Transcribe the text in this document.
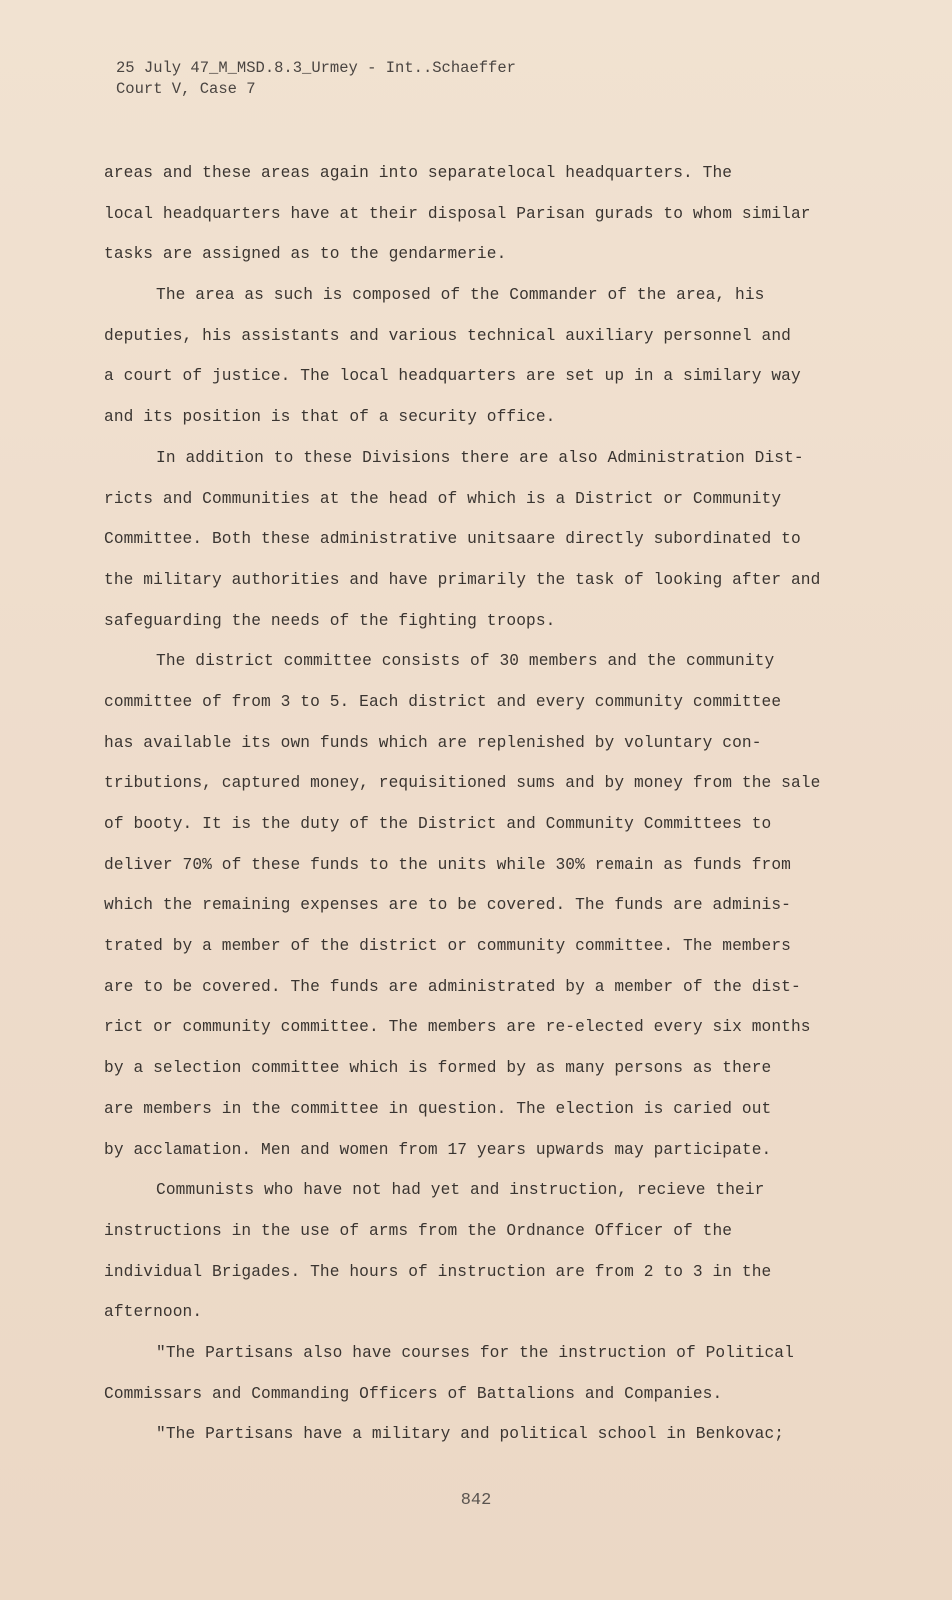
25 July 47_M_MSD.8.3_Urmey - Int..Schaeffer
Court V, Case 7
areas and these areas again into separatelocal headquarters. The
local headquarters have at their disposal Parisan gurads to whom similar
tasks are assigned as to the gendarmerie.
The area as such is composed of the Commander of the area, his
deputies, his assistants and various technical auxiliary personnel and
a court of justice. The local headquarters are set up in a similary way
and its position is that of a security office.
In addition to these Divisions there are also Administration Dist-
ricts and Communities at the head of which is a District or Community
Committee. Both these administrative unitsaare directly subordinated to
the military authorities and have primarily the task of looking after and
safeguarding the needs of the fighting troops.
The district committee consists of 30 members and the community
committee of from 3 to 5. Each district and every community committee
has available its own funds which are replenished by voluntary con-
tributions, captured money, requisitioned sums and by money from the sale
of booty. It is the duty of the District and Community Committees to
deliver 70% of these funds to the units while 30% remain as funds from
which the remaining expenses are to be covered. The funds are adminis-
trated by a member of the district or community committee. The members
are to be covered. The funds are administrated by a member of the dist-
rict or community committee. The members are re-elected every six months
by a selection committee which is formed by as many persons as there
are members in the committee in question. The election is caried out
by acclamation. Men and women from 17 years upwards may participate.
Communists who have not had yet and instruction, recieve their
instructions in the use of arms from the Ordnance Officer of the
individual Brigades. The hours of instruction are from 2 to 3 in the
afternoon.
"The Partisans also have courses for the instruction of Political
Commissars and Commanding Officers of Battalions and Companies.
"The Partisans have a military and political school in Benkovac;
842
